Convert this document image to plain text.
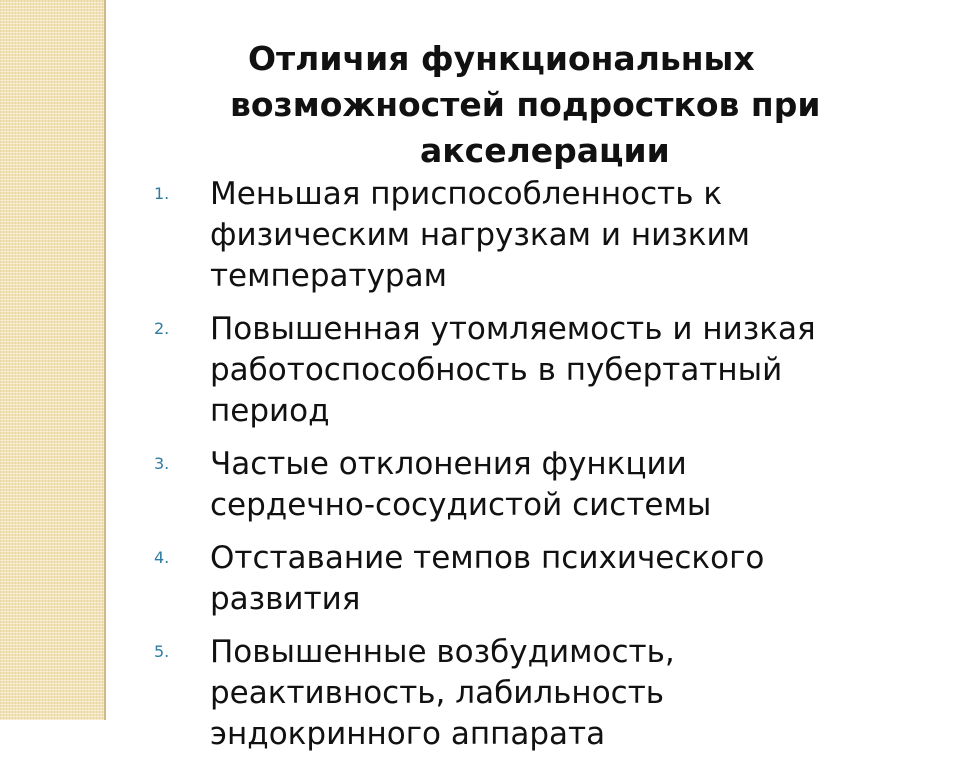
Отличия функциональных
возможностей подростков при
акселерации
1. Меньшая приспособленность к
физическим нагрузкам и низким
температурам
2. Повышенная утомляемость и низкая
работоспособность в пубертатный
период
3. Частые отклонения функции
сердечно-сосудистой системы
4. Отставание темпов психического
развития
5. Повышенные возбудимость,
реактивность, лабильность
эндокринного аппарата
